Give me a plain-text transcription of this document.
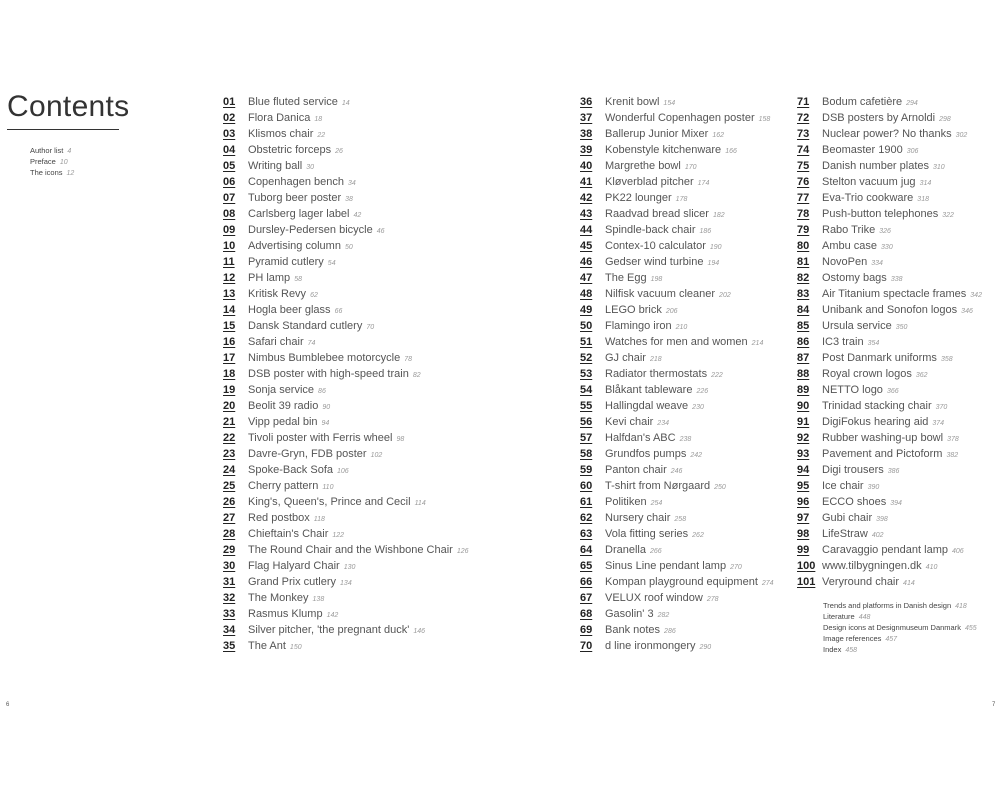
Contents
Author list 4
Preface 10
The icons 12
01	Blue fluted service 14
02	Flora Danica 18
03	Klismos chair 22
04	Obstetric forceps 26
05	Writing ball 30
06	Copenhagen bench 34
07	Tuborg beer poster 38
08	Carlsberg lager label 42
09	Dursley-Pedersen bicycle 46
10	Advertising column 50
11	Pyramid cutlery 54
12	PH lamp 58
13	Kritisk Revy 62
14	Hogla beer glass 66
15	Dansk Standard cutlery 70
16	Safari chair 74
17	Nimbus Bumblebee motorcycle 78
18	DSB poster with high-speed train 82
19	Sonja service 86
20	Beolit 39 radio 90
21	Vipp pedal bin 94
22	Tivoli poster with Ferris wheel 98
23	Davre-Gryn, FDB poster 102
24	Spoke-Back Sofa 106
25	Cherry pattern 110
26	King's, Queen's, Prince and Cecil 114
27	Red postbox 118
28	Chieftain's Chair 122
29	The Round Chair and the Wishbone Chair 126
30	Flag Halyard Chair 130
31	Grand Prix cutlery 134
32	The Monkey 138
33	Rasmus Klump 142
34	Silver pitcher, 'the pregnant duck' 146
35	The Ant 150
36	Krenit bowl 154
37	Wonderful Copenhagen poster 158
38	Ballerup Junior Mixer 162
39	Kobenstyle kitchenware 166
40	Margrethe bowl 170
41	Kløverblad pitcher 174
42	PK22 lounger 178
43	Raadvad bread slicer 182
44	Spindle-back chair 186
45	Contex-10 calculator 190
46	Gedser wind turbine 194
47	The Egg 198
48	Nilfisk vacuum cleaner 202
49	LEGO brick 206
50	Flamingo iron 210
51	Watches for men and women 214
52	GJ chair 218
53	Radiator thermostats 222
54	Blåkant tableware 226
55	Hallingdal weave 230
56	Kevi chair 234
57	Halfdan's ABC 238
58	Grundfos pumps 242
59	Panton chair 246
60	T-shirt from Nørgaard 250
61	Politiken 254
62	Nursery chair 258
63	Vola fitting series 262
64	Dranella 266
65	Sinus Line pendant lamp 270
66	Kompan playground equipment 274
67	VELUX roof window 278
68	Gasolin' 3 282
69	Bank notes 286
70	d line ironmongery 290
71	Bodum cafetière 294
72	DSB posters by Arnoldi 298
73	Nuclear power? No thanks 302
74	Beomaster 1900 306
75	Danish number plates 310
76	Stelton vacuum jug 314
77	Eva-Trio cookware 318
78	Push-button telephones 322
79	Rabo Trike 326
80	Ambu case 330
81	NovoPen 334
82	Ostomy bags 338
83	Air Titanium spectacle frames 342
84	Unibank and Sonofon logos 346
85	Ursula service 350
86	IC3 train 354
87	Post Danmark uniforms 358
88	Royal crown logos 362
89	NETTO logo 366
90	Trinidad stacking chair 370
91	DigiFokus hearing aid 374
92	Rubber washing-up bowl 378
93	Pavement and Pictoform 382
94	Digi trousers 386
95	Ice chair 390
96	ECCO shoes 394
97	Gubi chair 398
98	LifeStraw 402
99	Caravaggio pendant lamp 406
100 www.tilbygningen.dk 410
101 Veryround chair 414
Trends and platforms in Danish design 418
Literature 448
Design icons at Designmuseum Danmark 455
Image references 457
Index 458
6	7
